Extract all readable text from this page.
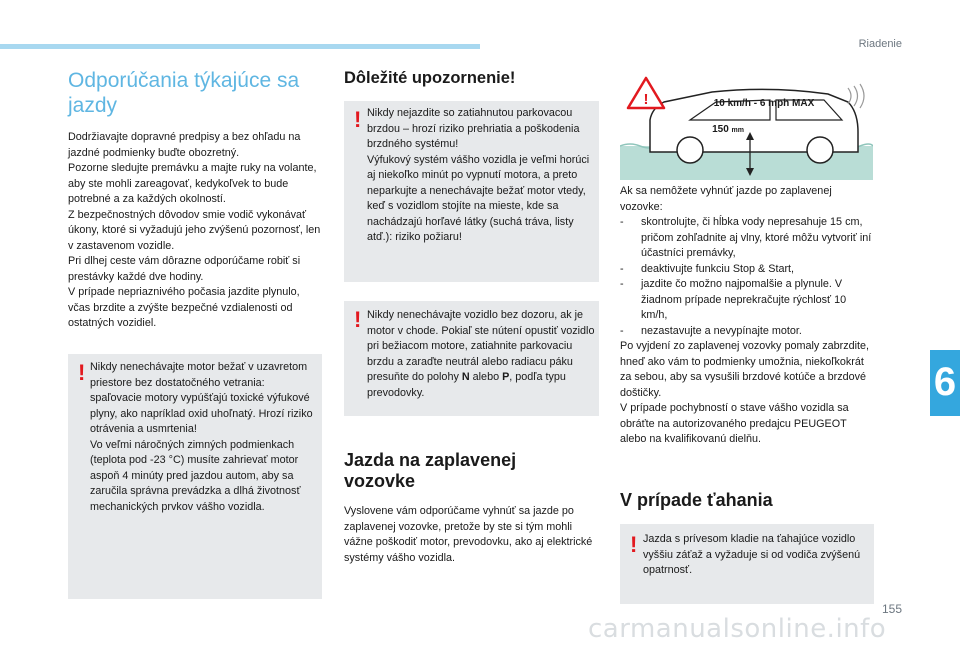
Riadenie
6
Odporúčania týkajúce sa jazdy

Dodržiavajte dopravné predpisy a bez ohľadu na jazdné podmienky buďte obozretný.

Pozorne sledujte premávku a majte ruky na volante, aby ste mohli zareagovať, kedykoľvek to bude potrebné a za každých okolností.

Z bezpečnostných dôvodov smie vodič vykonávať úkony, ktoré si vyžadujú jeho zvýšenú pozornosť, len v zastavenom vozidle.

Pri dlhej ceste vám dôrazne odporúčame robiť si prestávky každé dve hodiny.

V prípade nepriaznivého počasia jazdite plynulo, včas brzdite a zvýšte bezpečné vzdialenosti od ostatných vozidiel.

! Nikdy nenechávajte motor bežať v uzavretom priestore bez dostatočného vetrania: spaľovacie motory vypúšťajú toxické výfukové plyny, ako napríklad oxid uhoľnatý. Hrozí riziko otrávenia a usmrtenia!

Vo veľmi náročných zimných podmienkach (teplota pod -23 °C) musíte zahrievať motor aspoň 4 minúty pred jazdou autom, aby sa zaručila správna prevádzka a dlhá životnosť mechanických prvkov vášho vozidla.

Dôležité upozornenie!
! Nikdy nejazdite so zatiahnutou parkovacou brzdou – hrozí riziko prehriatia a poškodenia brzdného systému!

Výfukový systém vášho vozidla je veľmi horúci aj niekoľko minút po vypnutí motora, a preto neparkujte a nenechávajte bežať motor vtedy, keď s vozidlom stojíte na mieste, kde sa nachádzajú horľavé látky (suchá tráva, listy atď.): riziko požiaru!

! Nikdy nenechávajte vozidlo bez dozoru, ak je motor v chode. Pokiaľ ste nútení opustiť vozidlo pri bežiacom motore, zatiahnite parkovaciu brzdu a zaraďte neutrál alebo radiacu páku presuňte do polohy N alebo P, podľa typu prevodovky.

Jazda na zaplavenej vozovke

Vyslovene vám odporúčame vyhnúť sa jazde po zaplavenej vozovke, pretože by ste si tým mohli vážne poškodiť motor, prevodovku, ako aj elektrické systémy vášho vozidla.

!	10 km/h - 6 mph MAX
150 mm

Ak sa nemôžete vyhnúť jazde po zaplavenej vozovke:

- skontrolujte, či hĺbka vody nepresahuje 15 cm, pričom zohľadnite aj vlny, ktoré môžu vytvoriť iní účastníci premávky,
- deaktivujte funkciu Stop & Start,
- jazdite čo možno najpomalšie a plynule. V žiadnom prípade neprekračujte rýchlosť 10 km/h,
- nezastavujte a nevypínajte motor.

Po vyjdení zo zaplavenej vozovky pomaly zabrzdite, hneď ako vám to podmienky umožnia, niekoľkokrát za sebou, aby sa vysušili brzdové kotúče a brzdové doštičky.

V prípade pochybností o stave vášho vozidla sa obráťte na autorizovaného predajcu PEUGEOT alebo na kvalifikovanú dielňu.

V prípade ťahania
! Jazda s prívesom kladie na ťahajúce vozidlo vyššiu záťaž a vyžaduje si od vodiča zvýšenú opatrnosť.

155
carmanualsonline.info
